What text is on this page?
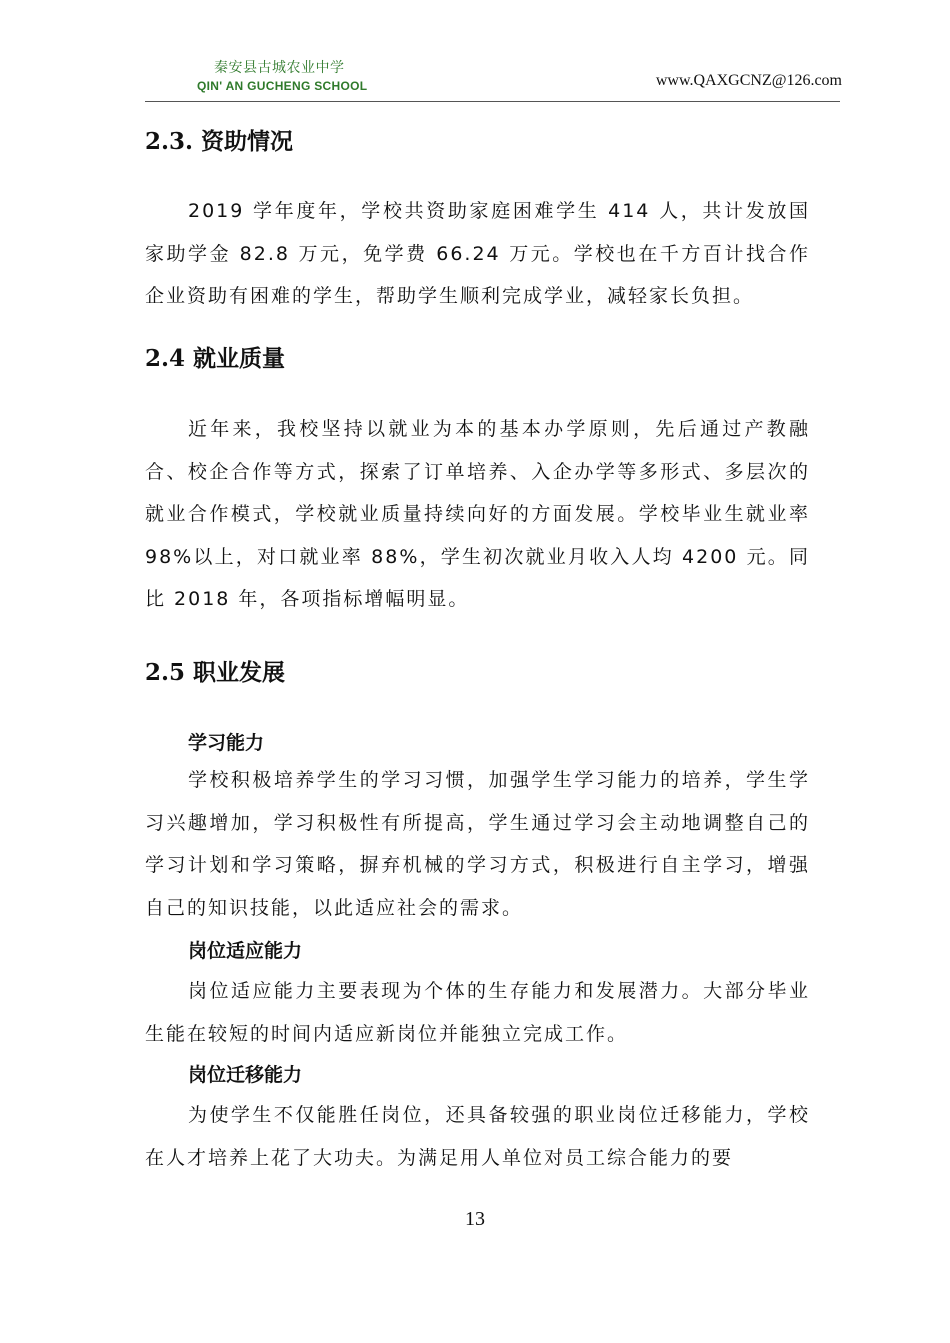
秦安县古城农业中学
QIN' AN GUCHENG SCHOOL	www.QAXGCNZ@126.com
2.3. 资助情况

2019 学年度年，学校共资助家庭困难学生 414 人，共计发放国家助学金 82.8 万元，免学费 66.24 万元。学校也在千方百计找合作企业资助有困难的学生，帮助学生顺利完成学业，减轻家长负担。

2.4 就业质量

近年来，我校坚持以就业为本的基本办学原则，先后通过产教融合、校企合作等方式，探索了订单培养、入企办学等多形式、多层次的就业合作模式，学校就业质量持续向好的方面发展。学校毕业生就业率 98%以上，对口就业率 88%，学生初次就业月收入人均 4200 元。同比 2018 年，各项指标增幅明显。

2.5 职业发展
学习能力

学校积极培养学生的学习习惯，加强学生学习能力的培养，学生学习兴趣增加，学习积极性有所提高，学生通过学习会主动地调整自己的学习计划和学习策略，摒弃机械的学习方式，积极进行自主学习，增强自己的知识技能，以此适应社会的需求。

岗位适应能力

岗位适应能力主要表现为个体的生存能力和发展潜力。大部分毕业生能在较短的时间内适应新岗位并能独立完成工作。

岗位迁移能力

为使学生不仅能胜任岗位，还具备较强的职业岗位迁移能力，学校在人才培养上花了大功夫。为满足用人单位对员工综合能力的要

13
